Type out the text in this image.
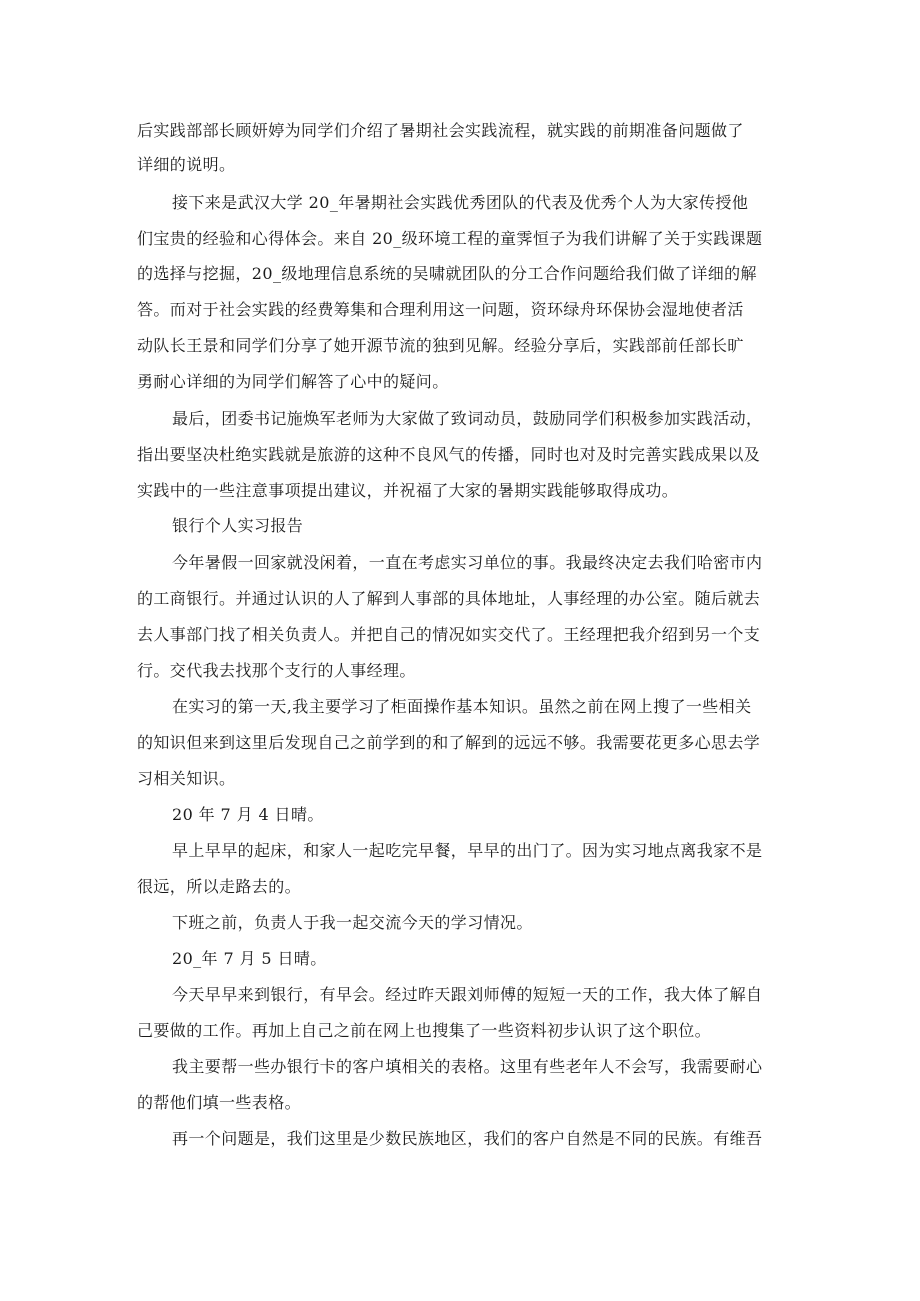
后实践部部长顾妍婷为同学们介绍了暑期社会实践流程，就实践的前期准备问题做了
详细的说明。
接下来是武汉大学 20_年暑期社会实践优秀团队的代表及优秀个人为大家传授他
们宝贵的经验和心得体会。来自 20_级环境工程的童霁恒子为我们讲解了关于实践课题
的选择与挖掘，20_级地理信息系统的吴啸就团队的分工合作问题给我们做了详细的解
答。而对于社会实践的经费筹集和合理利用这一问题，资环绿舟环保协会湿地使者活
动队长王景和同学们分享了她开源节流的独到见解。经验分享后，实践部前任部长旷
勇耐心详细的为同学们解答了心中的疑问。
最后，团委书记施焕军老师为大家做了致词动员，鼓励同学们积极参加实践活动，
指出要坚决杜绝实践就是旅游的这种不良风气的传播，同时也对及时完善实践成果以及
实践中的一些注意事项提出建议，并祝福了大家的暑期实践能够取得成功。
银行个人实习报告
今年暑假一回家就没闲着，一直在考虑实习单位的事。我最终决定去我们哈密市内
的工商银行。并通过认识的人了解到人事部的具体地址，人事经理的办公室。随后就去
去人事部门找了相关负责人。并把自己的情况如实交代了。王经理把我介绍到另一个支
行。交代我去找那个支行的人事经理。
在实习的第一天,我主要学习了柜面操作基本知识。虽然之前在网上搜了一些相关
的知识但来到这里后发现自己之前学到的和了解到的远远不够。我需要花更多心思去学
习相关知识。
20 年 7 月 4 日晴。
早上早早的起床，和家人一起吃完早餐，早早的出门了。因为实习地点离我家不是
很远，所以走路去的。
下班之前，负责人于我一起交流今天的学习情况。
20_年 7 月 5 日晴。
今天早早来到银行，有早会。经过昨天跟刘师傅的短短一天的工作，我大体了解自
己要做的工作。再加上自己之前在网上也搜集了一些资料初步认识了这个职位。
我主要帮一些办银行卡的客户填相关的表格。这里有些老年人不会写，我需要耐心
的帮他们填一些表格。
再一个问题是，我们这里是少数民族地区，我们的客户自然是不同的民族。有维吾
